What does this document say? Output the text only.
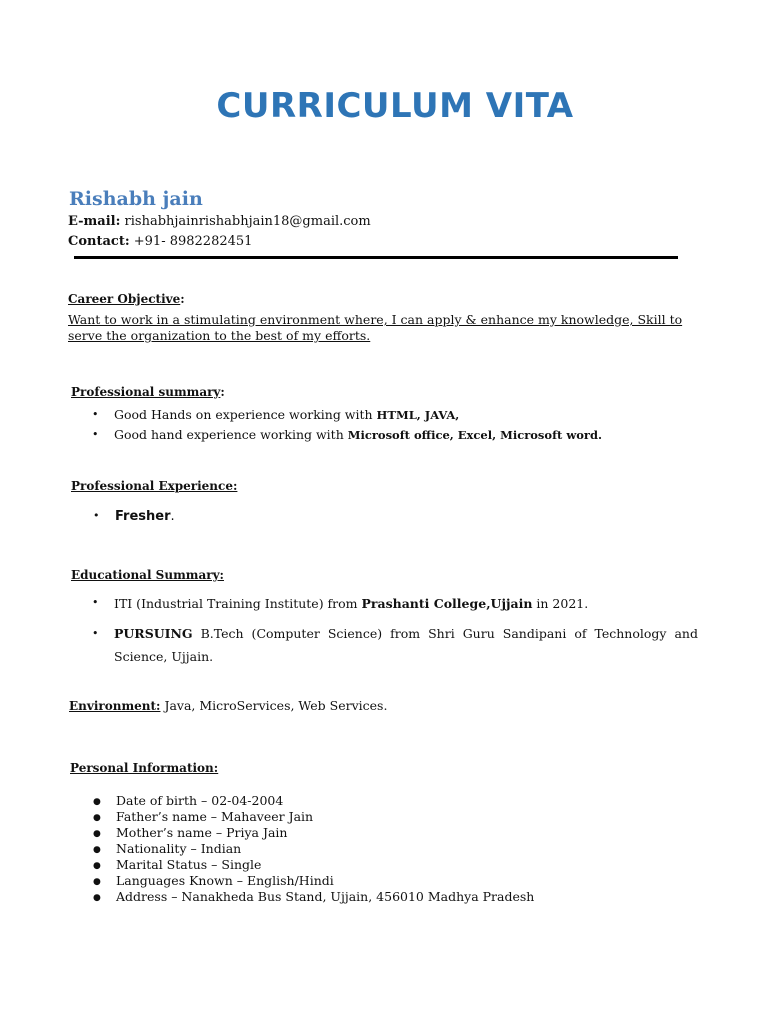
CURRICULUM VITA
Rishabh jain
E-mail: rishabhjainrishabhjain18@gmail.com
Contact: +91- 8982282451
Career Objective:
Want to work in a stimulating environment where, I can apply & enhance my knowledge, Skill to serve the organization to the best of my efforts.
Professional summary:
• Good Hands on experience working with HTML, JAVA,
• Good hand experience working with Microsoft office, Excel, Microsoft word.
Professional Experience:
• Fresher.
Educational Summary:
• ITI (Industrial Training Institute) from Prashanti College,Ujjain in 2021.
• PURSUING B.Tech (Computer Science) from Shri Guru Sandipani of Technology and Science, Ujjain.
Environment: Java, MicroServices, Web Services.
Personal Information:
● Date of birth – 02-04-2004
● Father’s name – Mahaveer Jain
● Mother’s name – Priya Jain
● Nationality – Indian
● Marital Status – Single
● Languages Known – English/Hindi
● Address – Nanakheda Bus Stand, Ujjain, 456010 Madhya Pradesh
